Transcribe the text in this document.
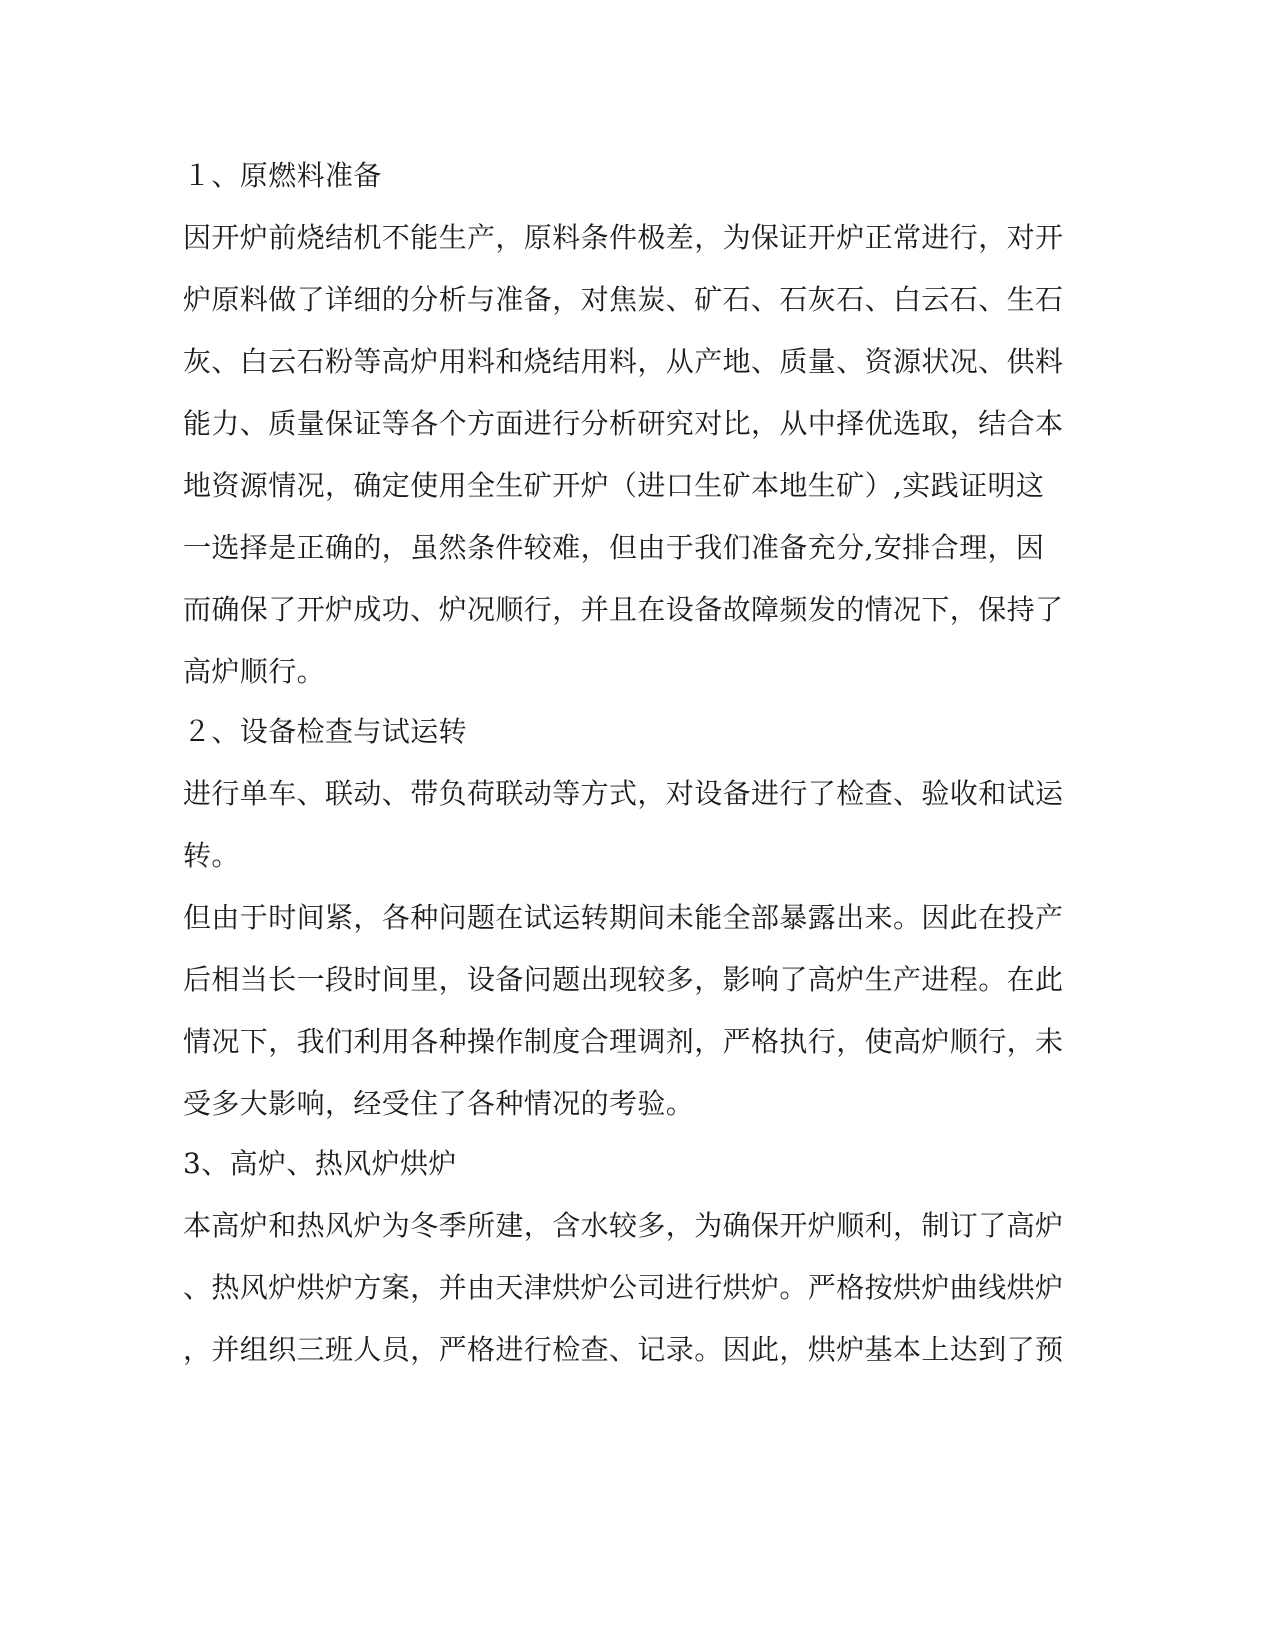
１、原燃料准备
因开炉前烧结机不能生产，原料条件极差，为保证开炉正常进行，对开
炉原料做了详细的分析与准备，对焦炭、矿石、石灰石、白云石、生石
灰、白云石粉等高炉用料和烧结用料，从产地、质量、资源状况、供料
能力、质量保证等各个方面进行分析研究对比，从中择优选取，结合本
地资源情况，确定使用全生矿开炉（进口生矿本地生矿）,实践证明这
一选择是正确的，虽然条件较难，但由于我们准备充分,安排合理，因
而确保了开炉成功、炉况顺行，并且在设备故障频发的情况下，保持了
高炉顺行。
２、设备检查与试运转
进行单车、联动、带负荷联动等方式，对设备进行了检查、验收和试运
转。
但由于时间紧，各种问题在试运转期间未能全部暴露出来。因此在投产
后相当长一段时间里，设备问题出现较多，影响了高炉生产进程。在此
情况下，我们利用各种操作制度合理调剂，严格执行，使高炉顺行，未
受多大影响，经受住了各种情况的考验。
3、高炉、热风炉烘炉
本高炉和热风炉为冬季所建，含水较多，为确保开炉顺利，制订了高炉
、热风炉烘炉方案，并由天津烘炉公司进行烘炉。严格按烘炉曲线烘炉
，并组织三班人员，严格进行检查、记录。因此，烘炉基本上达到了预
